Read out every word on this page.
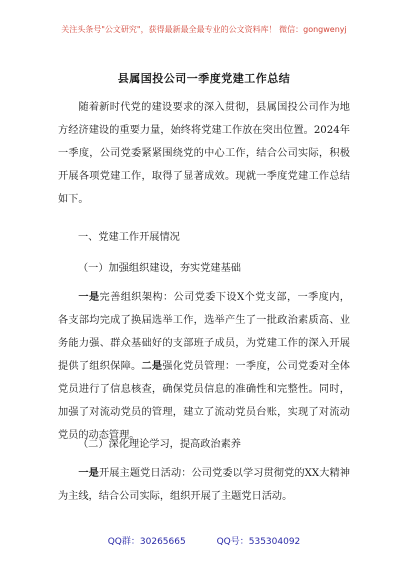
关注头条号"公文研究"，获得最新最全最专业的公文资料库！ 微信：gongwenyj
县属国投公司一季度党建工作总结

随着新时代党的建设要求的深入贯彻，县属国投公司作为地方经济建设的重要力量，始终将党建工作放在突出位置。2024年一季度，公司党委紧紧围绕党的中心工作，结合公司实际，积极开展各项党建工作，取得了显著成效。现就一季度党建工作总结如下。

一、党建工作开展情况
（一）加强组织建设，夯实党建基础

一是完善组织架构：公司党委下设X个党支部，一季度内，各支部均完成了换届选举工作，选举产生了一批政治素质高、业务能力强、群众基础好的支部班子成员，为党建工作的深入开展提供了组织保障。二是强化党员管理：一季度，公司党委对全体党员进行了信息核查，确保党员信息的准确性和完整性。同时，加强了对流动党员的管理，建立了流动党员台账，实现了对流动党员的动态管理。

（二）深化理论学习，提高政治素养

一是开展主题党日活动：公司党委以学习贯彻党的XX大精神为主线，结合公司实际，组织开展了主题党日活动。

QQ群：30265665	QQ号：535304092
